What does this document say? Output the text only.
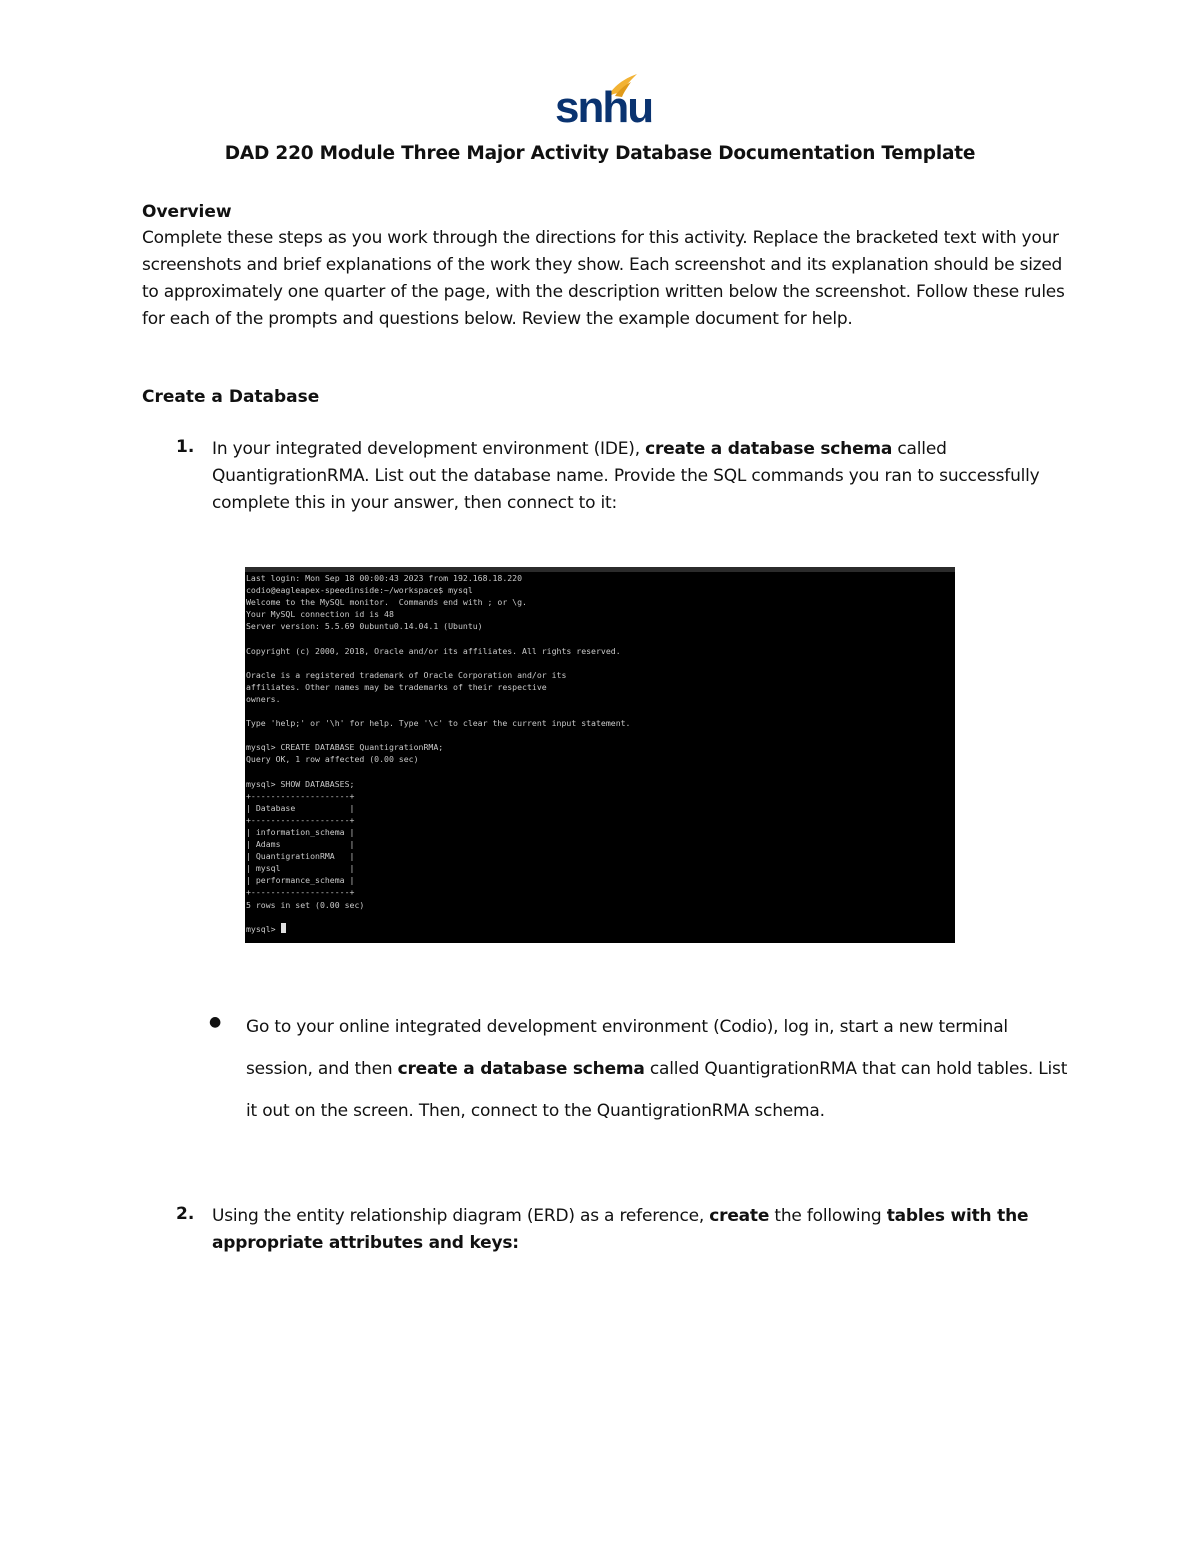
snhu
DAD 220 Module Three Major Activity Database Documentation Template
Overview

Complete these steps as you work through the directions for this activity. Replace the bracketed text with your screenshots and brief explanations of the work they show. Each screenshot and its explanation should be sized to approximately one quarter of the page, with the description written below the screenshot. Follow these rules for each of the prompts and questions below. Review the example document for help.

Create a Database
1. In your integrated development environment (IDE), create a database schema called QuantigrationRMA. List out the database name. Provide the SQL commands you ran to successfully complete this in your answer, then connect to it:
Last login: Mon Sep 18 00:00:43 2023 from 192.168.18.220
codio@eagleapex-speedinside:~/workspace$ mysql
Welcome to the MySQL monitor.  Commands end with ; or \g.
Your MySQL connection id is 48
Server version: 5.5.69 0ubuntu0.14.04.1 (Ubuntu)
Copyright (c) 2000, 2018, Oracle and/or its affiliates. All rights reserved.
Oracle is a registered trademark of Oracle Corporation and/or its
affiliates. Other names may be trademarks of their respective
owners.
Type 'help;' or '\h' for help. Type '\c' to clear the current input statement.
mysql> CREATE DATABASE QuantigrationRMA;
Query OK, 1 row affected (0.00 sec)
mysql> SHOW DATABASES;
+--------------------+
| Database           |
+--------------------+
| information_schema |
| Adams              |
| QuantigrationRMA   |
| mysql              |
| performance_schema |
+--------------------+
5 rows in set (0.00 sec)
mysql>
● Go to your online integrated development environment (Codio), log in, start a new terminal session, and then create a database schema called QuantigrationRMA that can hold tables. List it out on the screen. Then, connect to the QuantigrationRMA schema.
2. Using the entity relationship diagram (ERD) as a reference, create the following tables with the appropriate attributes and keys:
